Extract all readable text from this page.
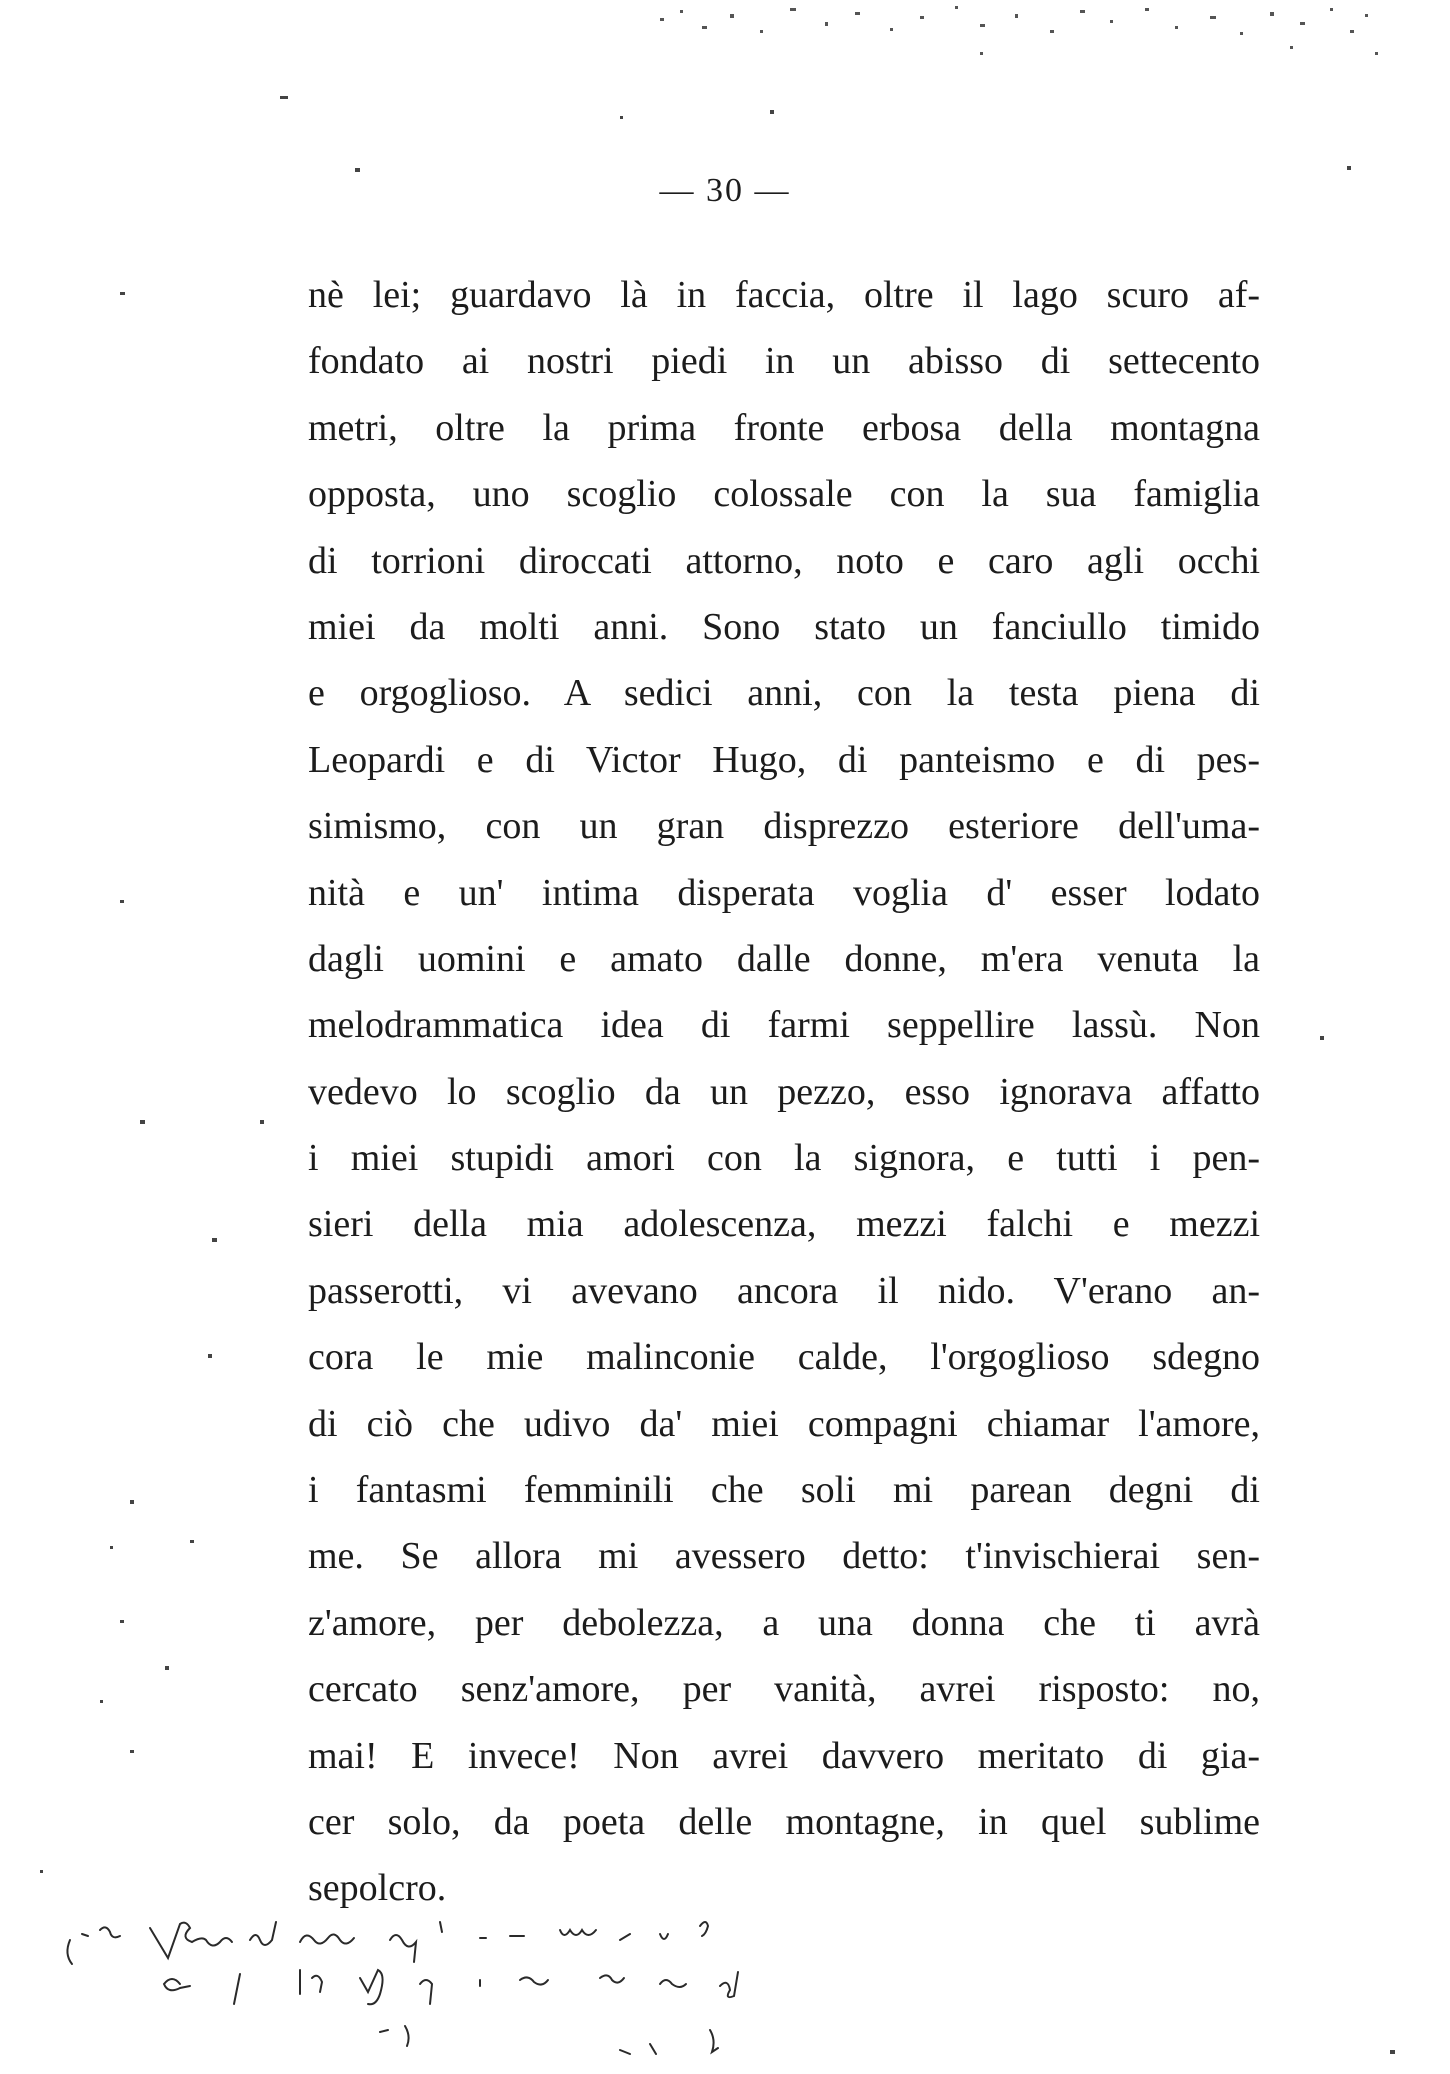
— 30 —
nè lei; guardavo là in faccia, oltre il lago scuro af-
fondato ai nostri piedi in un abisso di settecento
metri, oltre la prima fronte erbosa della montagna
opposta, uno scoglio colossale con la sua famiglia
di torrioni diroccati attorno, noto e caro agli occhi
miei da molti anni. Sono stato un fanciullo timido
e orgoglioso. A sedici anni, con la testa piena di
Leopardi e di Victor Hugo, di panteismo e di pes-
simismo, con un gran disprezzo esteriore dell'uma-
nità e un' intima disperata voglia d' esser lodato
dagli uomini e amato dalle donne, m'era venuta la
melodrammatica idea di farmi seppellire lassù. Non
vedevo lo scoglio da un pezzo, esso ignorava affatto
i miei stupidi amori con la signora, e tutti i pen-
sieri della mia adolescenza, mezzi falchi e mezzi
passerotti, vi avevano ancora il nido. V'erano an-
cora le mie malinconie calde, l'orgoglioso sdegno
di ciò che udivo da' miei compagni chiamar l'amore,
i fantasmi femminili che soli mi parean degni di
me. Se allora mi avessero detto: t'invischierai sen-
z'amore, per debolezza, a una donna che ti avrà
cercato senz'amore, per vanità, avrei risposto: no,
mai! E invece! Non avrei davvero meritato di gia-
cer solo, da poeta delle montagne, in quel sublime
sepolcro.
